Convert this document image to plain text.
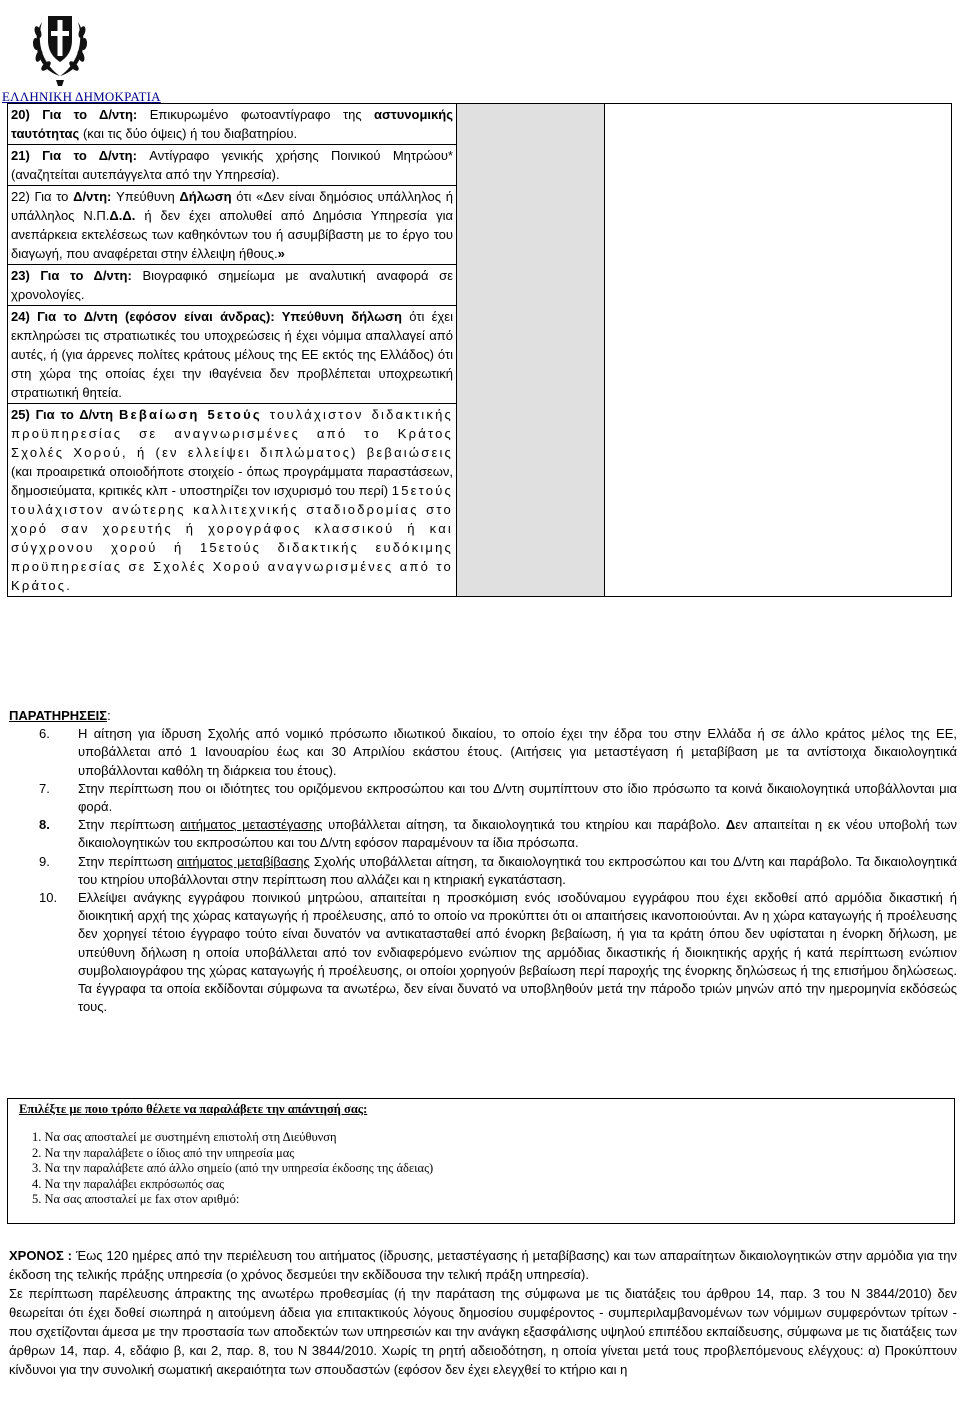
ΕΛΛΗΝΙΚΗ ΔΗΜΟΚΡΑΤΙΑ

20) Για το Δ/ντη: Επικυρωμένο φωτοαντίγραφο της αστυνομικής ταυτότητας (και τις δύο όψεις) ή του διαβατηρίου.

21) Για το Δ/ντη: Αντίγραφο γενικής χρήσης Ποινικού Μητρώου* (αναζητείται αυτεπάγγελτα από την Υπηρεσία).

22) Για το Δ/ντη: Υπεύθυνη Δήλωση ότι «Δεν είναι δημόσιος υπάλληλος ή υπάλληλος Ν.Π.Δ.Δ. ή δεν έχει απολυθεί από Δημόσια Υπηρεσία για ανεπάρκεια εκτελέσεως των καθηκόντων του ή ασυμβίβαστη με το έργο του διαγωγή, που αναφέρεται στην έλλειψη ήθους.»

23) Για το Δ/ντη: Βιογραφικό σημείωμα με αναλυτική αναφορά σε χρονολογίες.

24) Για το Δ/ντη (εφόσον είναι άνδρας): Υπεύθυνη δήλωση ότι έχει εκπληρώσει τις στρατιωτικές του υποχρεώσεις ή έχει νόμιμα απαλλαγεί από αυτές, ή (για άρρενες πολίτες κράτους μέλους της ΕΕ εκτός της Ελλάδος) ότι στη χώρα της οποίας έχει την ιθαγένεια δεν προβλέπεται υποχρεωτική στρατιωτική θητεία.

25) Για το Δ/ντη Βεβαίωση 5ετούς τουλάχιστον διδακτικής προϋπηρεσίας σε αναγνωρισμένες από το Κράτος Σχολές Χορού, ή (εν ελλείψει διπλώματος) βεβαιώσεις (και προαιρετικά οποιοδήποτε στοιχείο - όπως προγράμματα παραστάσεων, δημοσιεύματα, κριτικές κλπ - υποστηρίζει τον ισχυρισμό του περί) 15ετούς τουλάχιστον ανώτερης καλλιτεχνικής σταδιοδρομίας στο χορό σαν χορευτής ή χορογράφος κλασσικού ή και σύγχρονου χορού ή 15ετούς διδακτικής ευδόκιμης προϋπηρεσίας σε Σχολές Χορού αναγνωρισμένες από το Κράτος.

ΠΑΡΑΤΗΡΗΣΕΙΣ:
6. Η αίτηση για ίδρυση Σχολής από νομικό πρόσωπο ιδιωτικού δικαίου, το οποίο έχει την έδρα του στην Ελλάδα ή σε άλλο κράτος μέλος της ΕΕ, υποβάλλεται από 1 Ιανουαρίου έως και 30 Απριλίου εκάστου έτους. (Αιτήσεις για μεταστέγαση ή μεταβίβαση με τα αντίστοιχα δικαιολογητικά υποβάλλονται καθόλη τη διάρκεια του έτους).
7. Στην περίπτωση που οι ιδιότητες του οριζόμενου εκπροσώπου και του Δ/ντη συμπίπτουν στο ίδιο πρόσωπο τα κοινά δικαιολογητικά υποβάλλονται μια φορά.
8. Στην περίπτωση αιτήματος μεταστέγασης υποβάλλεται αίτηση, τα δικαιολογητικά του κτηρίου και παράβολο. Δεν απαιτείται η εκ νέου υποβολή των δικαιολογητικών του εκπροσώπου και του Δ/ντη εφόσον παραμένουν τα ίδια πρόσωπα.
9. Στην περίπτωση αιτήματος μεταβίβασης Σχολής υποβάλλεται αίτηση, τα δικαιολογητικά του εκπροσώπου και του Δ/ντη και παράβολο. Τα δικαιολογητικά του κτηρίου υποβάλλονται στην περίπτωση που αλλάζει και η κτηριακή εγκατάσταση.
10. Ελλείψει ανάγκης εγγράφου ποινικού μητρώου, απαιτείται η προσκόμιση ενός ισοδύναμου εγγράφου που έχει εκδοθεί από αρμόδια δικαστική ή διοικητική αρχή της χώρας καταγωγής ή προέλευσης, από το οποίο να προκύπτει ότι οι απαιτήσεις ικανοποιούνται. Αν η χώρα καταγωγής ή προέλευσης δεν χορηγεί τέτοιο έγγραφο τούτο είναι δυνατόν να αντικατασταθεί από ένορκη βεβαίωση, ή για τα κράτη όπου δεν υφίσταται η ένορκη δήλωση, με υπεύθυνη δήλωση η οποία υποβάλλεται από τον ενδιαφερόμενο ενώπιον της αρμόδιας δικαστικής ή διοικητικής αρχής ή κατά περίπτωση ενώπιον συμβολαιογράφου της χώρας καταγωγής ή προέλευσης, οι οποίοι χορηγούν βεβαίωση περί παροχής της ένορκης δηλώσεως ή της επισήμου δηλώσεως. Τα έγγραφα τα οποία εκδίδονται σύμφωνα τα ανωτέρω, δεν είναι δυνατό να υποβληθούν μετά την πάροδο τριών μηνών από την ημερομηνία εκδόσεώς τους.
Επιλέξτε με ποιο τρόπο θέλετε να παραλάβετε την απάντησή σας:
1. Να σας αποσταλεί με συστημένη επιστολή στη Διεύθυνση
2. Να την παραλάβετε ο ίδιος από την υπηρεσία μας
3. Να την παραλάβετε από άλλο σημείο (από την υπηρεσία έκδοσης της άδειας)
4. Να την παραλάβει εκπρόσωπός σας
5. Να σας αποσταλεί με fax στον αριθμό:

ΧΡΟΝΟΣ : Έως 120 ημέρες από την περιέλευση του αιτήματος (ίδρυσης, μεταστέγασης ή μεταβίβασης) και των απαραίτητων δικαιολογητικών στην αρμόδια για την έκδοση της τελικής πράξης υπηρεσία (ο χρόνος δεσμεύει την εκδίδουσα την τελική πράξη υπηρεσία).

Σε περίπτωση παρέλευσης άπρακτης της ανωτέρω προθεσμίας (ή την παράταση της σύμφωνα με τις διατάξεις του άρθρου 14, παρ. 3 του Ν 3844/2010) δεν θεωρείται ότι έχει δοθεί σιωπηρά η αιτούμενη άδεια για επιτακτικούς λόγους δημοσίου συμφέροντος - συμπεριλαμβανομένων των νόμιμων συμφερόντων τρίτων - που σχετίζονται άμεσα με την προστασία των αποδεκτών των υπηρεσιών και την ανάγκη εξασφάλισης υψηλού επιπέδου εκπαίδευσης, σύμφωνα με τις διατάξεις των άρθρων 14, παρ. 4, εδάφιο β, και 2, παρ. 8, του Ν 3844/2010. Χωρίς τη ρητή αδειοδότηση, η οποία γίνεται μετά τους προβλεπόμενους ελέγχους: α) Προκύπτουν κίνδυνοι για την συνολική σωματική ακεραιότητα των σπουδαστών (εφόσον δεν έχει ελεγχθεί το κτήριο και η
